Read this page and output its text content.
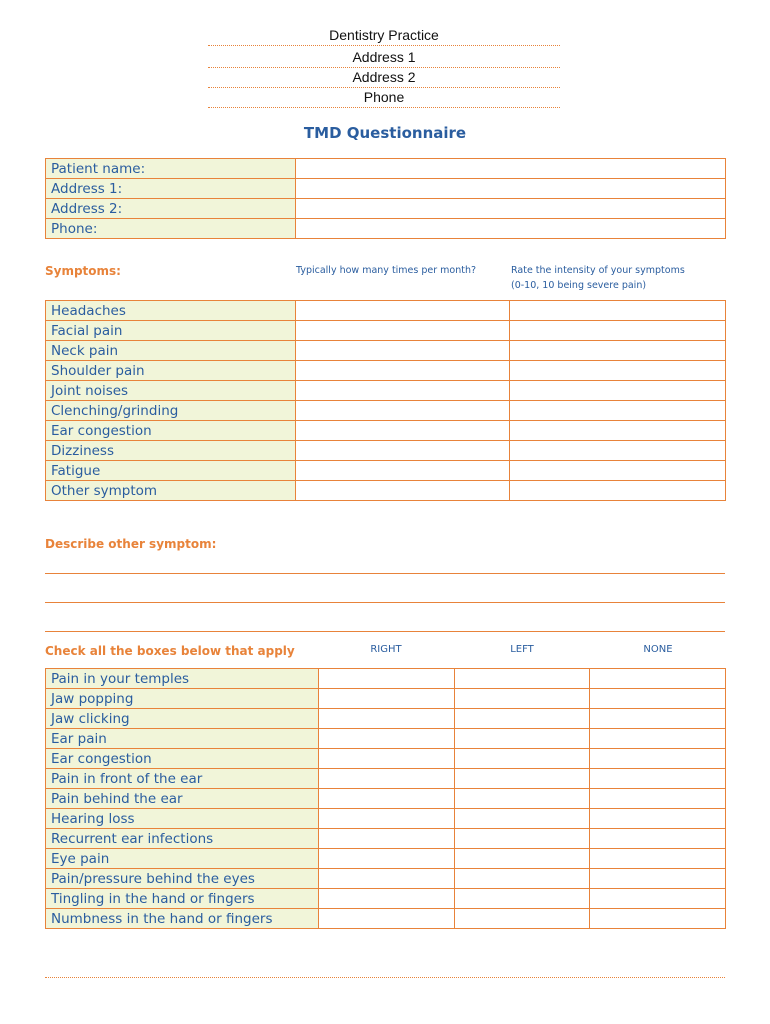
Dentistry Practice
Address 1
Address 2
Phone
TMD Questionnaire
Patient name:	
Address 1:	
Address 2:	
Phone:	
Symptoms:	Typically how many times per month?	Rate the intensity of your symptoms
(0-10, 10 being severe pain)
Headaches		
Facial pain		
Neck pain		
Shoulder pain		
Joint noises		
Clenching/grinding		
Ear congestion		
Dizziness		
Fatigue		
Other symptom		
Describe other symptom:
Check all the boxes below that apply	RIGHT	LEFT	NONE
Pain in your temples			
Jaw popping			
Jaw clicking			
Ear pain			
Ear congestion			
Pain in front of the ear			
Pain behind the ear			
Hearing loss			
Recurrent ear infections			
Eye pain			
Pain/pressure behind the eyes			
Tingling in the hand or fingers			
Numbness in the hand or fingers			
